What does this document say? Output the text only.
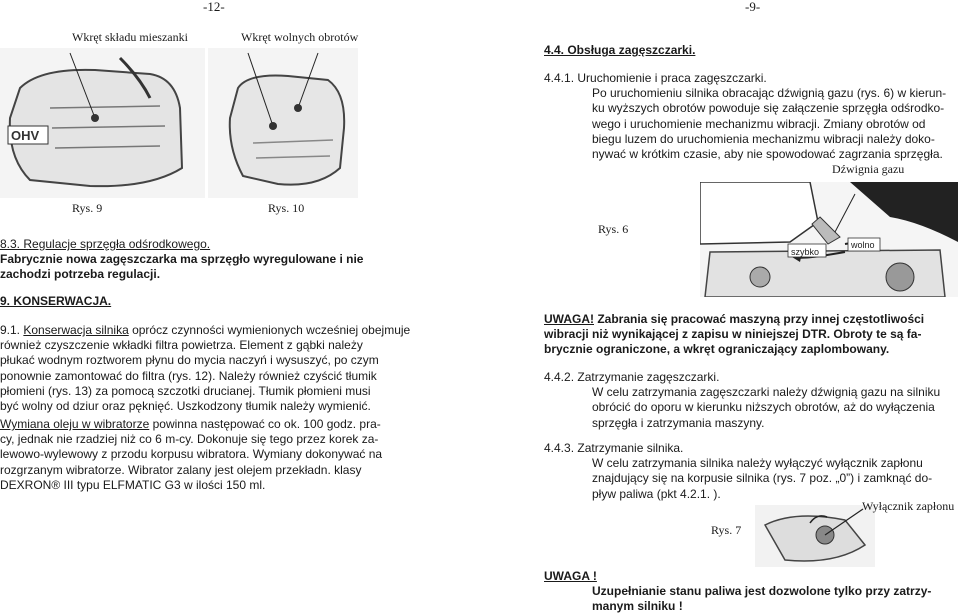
-12-
Wkręt składu mieszanki	Wkręt wolnych obrotów
OHV
Rys. 9	Rys. 10
8.3. Regulacje sprzęgła odśrodkowego.
Fabrycznie nowa zagęszczarka ma sprzęgło wyregulowane i nie
zachodzi potrzeba regulacji.
9. KONSERWACJA.
9.1. Konserwacja silnika oprócz czynności wymienionych wcześniej obejmuje
również czyszczenie wkładki filtra powietrza. Element z gąbki należy
płukać wodnym roztworem płynu do mycia naczyń i wysuszyć, po czym
ponownie zamontować do filtra (rys. 12). Należy również czyścić tłumik
płomieni (rys. 13) za pomocą szczotki drucianej. Tłumik płomieni musi
być wolny od dziur oraz pęknięć. Uszkodzony tłumik należy wymienić.
Wymiana oleju w wibratorze powinna następować co ok. 100 godz. pra-
cy, jednak nie rzadziej niż co 6 m-cy. Dokonuje się tego przez korek za-
lewowo-wylewowy z przodu korpusu wibratora. Wymiany dokonywać na
rozgrzanym wibratorze. Wibrator zalany jest olejem przekładn. klasy
DEXRON® III typu ELFMATIC G3 w ilości 150 ml.
-9-
4.4. Obsługa zagęszczarki.
4.4.1. Uruchomienie i praca zagęszczarki.
Po uruchomieniu silnika obracając dźwignią gazu (rys. 6) w kierun-
ku wyższych obrotów powoduje się załączenie sprzęgła odśrodko-
wego i uruchomienie mechanizmu wibracji. Zmiany obrotów od
biegu luzem do uruchomienia mechanizmu wibracji należy doko-
nywać w krótkim czasie, aby nie spowodować zagrzania sprzęgła.
Dźwignia gazu
szybko
wolno
Rys. 6
UWAGA! Zabrania się pracować maszyną przy innej częstotliwości
wibracji niż wynikającej z zapisu w niniejszej DTR. Obroty te są fa-
brycznie ograniczone, a wkręt ograniczający zaplombowany.
4.4.2. Zatrzymanie zagęszczarki.
W celu zatrzymania zagęszczarki należy dźwignią gazu na silniku
obrócić do oporu w kierunku niższych obrotów, aż do wyłączenia
sprzęgła i zatrzymania maszyny.
4.4.3. Zatrzymanie silnika.
W celu zatrzymania silnika należy wyłączyć wyłącznik zapłonu
znajdujący się na korpusie silnika (rys. 7 poz. „0”) i zamknąć do-
pływ paliwa (pkt 4.2.1. ).
Wyłącznik zapłonu
Rys. 7
UWAGA !
Uzupełnianie stanu paliwa jest dozwolone tylko przy zatrzy-
manym silniku !
